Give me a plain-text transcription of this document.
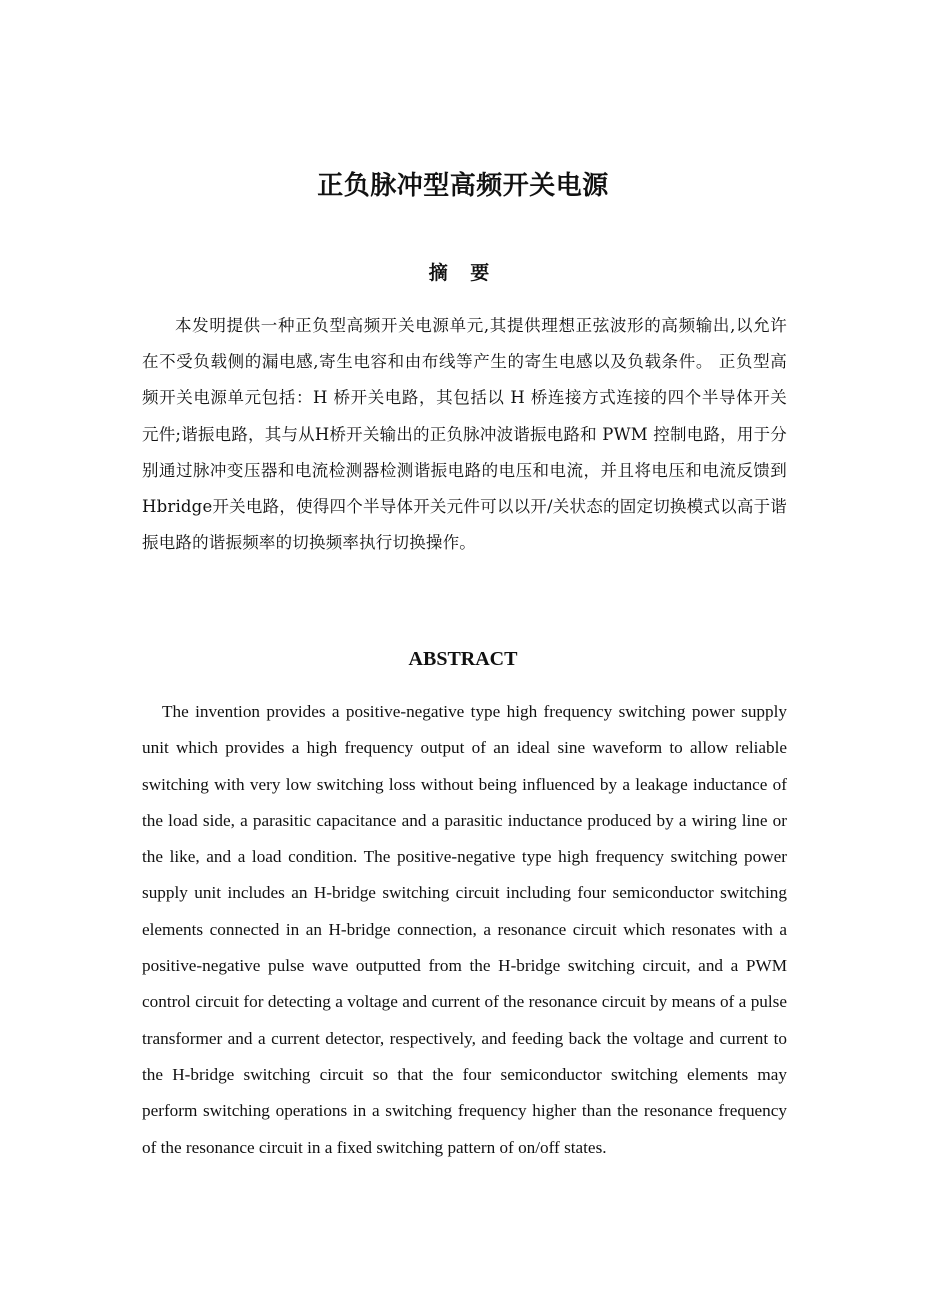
正负脉冲型高频开关电源
摘 要

本发明提供一种正负型高频开关电源单元,其提供理想正弦波形的高频输出,以允许在不受负载侧的漏电感,寄生电容和由布线等产生的寄生电感以及负载条件。 正负型高频开关电源单元包括：H 桥开关电路，其包括以 H 桥连接方式连接的四个半导体开关元件;谐振电路，其与从H桥开关输出的正负脉冲波谐振电路和 PWM 控制电路，用于分别通过脉冲变压器和电流检测器检测谐振电路的电压和电流，并且将电压和电流反馈到Hbridge开关电路，使得四个半导体开关元件可以以开/关状态的固定切换模式以高于谐振电路的谐振频率的切换频率执行切换操作。

ABSTRACT

The invention provides a positive-negative type high frequency switching power supply unit which provides a high frequency output of an ideal sine waveform to allow reliable switching with very low switching loss without being influenced by a leakage inductance of the load side, a parasitic capacitance and a parasitic inductance produced by a wiring line or the like, and a load condition. The positive-negative type high frequency switching power supply unit includes an H-bridge switching circuit including four semiconductor switching elements connected in an H-bridge connection, a resonance circuit which resonates with a positive-negative pulse wave outputted from the H-bridge switching circuit, and a PWM control circuit for detecting a voltage and current of the resonance circuit by means of a pulse transformer and a current detector, respectively, and feeding back the voltage and current to the H-bridge switching circuit so that the four semiconductor switching elements may perform switching operations in a switching frequency higher than the resonance frequency of the resonance circuit in a fixed switching pattern of on/off states.
